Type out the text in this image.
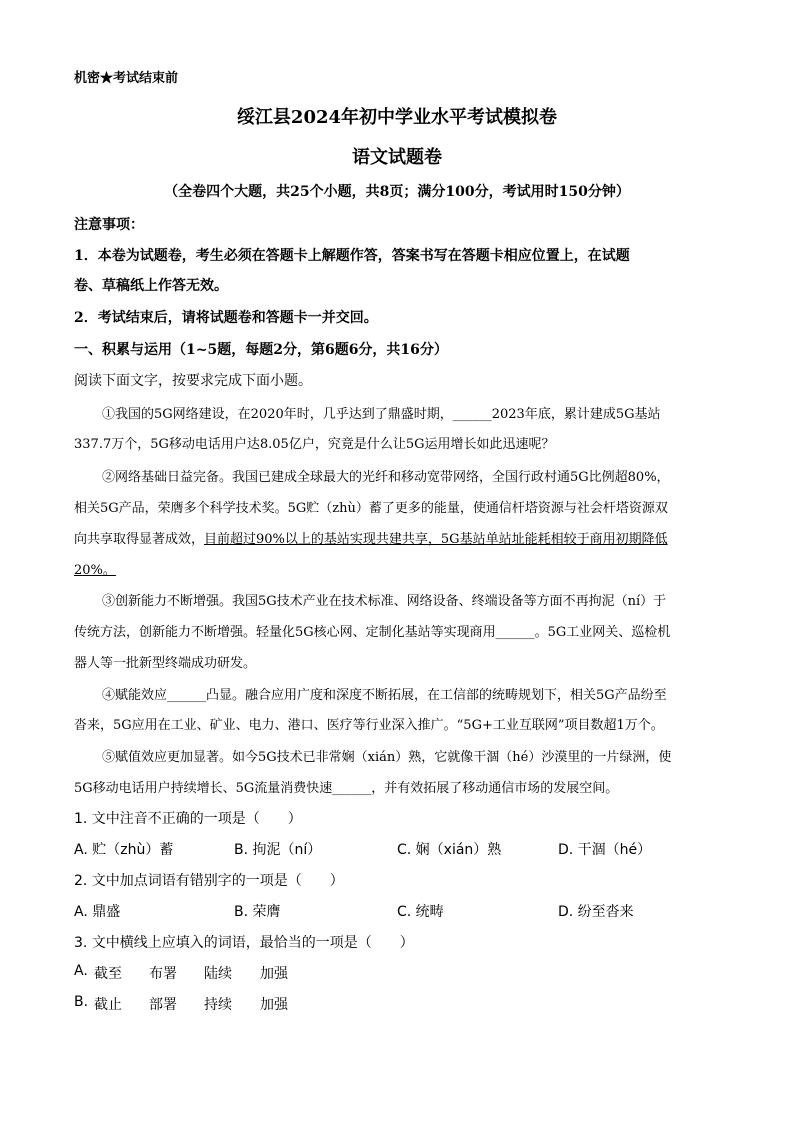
机密★考试结束前
绥江县2024年初中学业水平考试模拟卷
语文试题卷
（全卷四个大题，共25个小题，共8页；满分100分，考试用时150分钟）
注意事项：
1．本卷为试题卷，考生必须在答题卡上解题作答，答案书写在答题卡相应位置上，在试题
卷、草稿纸上作答无效。
2．考试结束后，请将试题卷和答题卡一并交回。
一、积累与运用（1~5题，每题2分，第6题6分，共16分）
阅读下面文字，按要求完成下面小题。
①我国的5G网络建设，在2020年时，几乎达到了鼎盛时期，______2023年底，累计建成5G基站
337.7万个，5G移动电话用户达8.05亿户，究竟是什么让5G运用增长如此迅速呢？
②网络基础日益完备。我国已建成全球最大的光纤和移动宽带网络，全国行政村通5G比例超80%，
相关5G产品，荣膺多个科学技术奖。5G贮（zhù）蓄了更多的能量，使通信杆塔资源与社会杆塔资源双
向共享取得显著成效，目前超过90%以上的基站实现共建共享，5G基站单站址能耗相较于商用初期降低
20%。
③创新能力不断增强。我国5G技术产业在技术标准、网络设备、终端设备等方面不再拘泥（ní）于
传统方法，创新能力不断增强。轻量化5G核心网、定制化基站等实现商用______。5G工业网关、巡检机
器人等一批新型终端成功研发。
④赋能效应______凸显。融合应用广度和深度不断拓展，在工信部的统畴规划下，相关5G产品纷至
沓来，5G应用在工业、矿业、电力、港口、医疗等行业深入推广。“5G+工业互联网”项目数超1万个。
⑤赋值效应更加显著。如今5G技术已非常娴（xián）熟，它就像干涸（hé）沙漠里的一片绿洲，使
5G移动电话用户持续增长、5G流量消费快速______，并有效拓展了移动通信市场的发展空间。
1. 文中注音不正确的一项是（　　）
A. 贮（zhù）蓄	B. 拘泥（ní）	C. 娴（xián）熟	D. 干涸（hé）
2. 文中加点词语有错别字的一项是（　　）
A. 鼎盛	B. 荣膺	C. 统畴	D. 纷至沓来
3. 文中横线上应填入的词语，最恰当的一项是（　　）
A. 截至 布署 陆续 加强
B. 截止 部署 持续 加强
